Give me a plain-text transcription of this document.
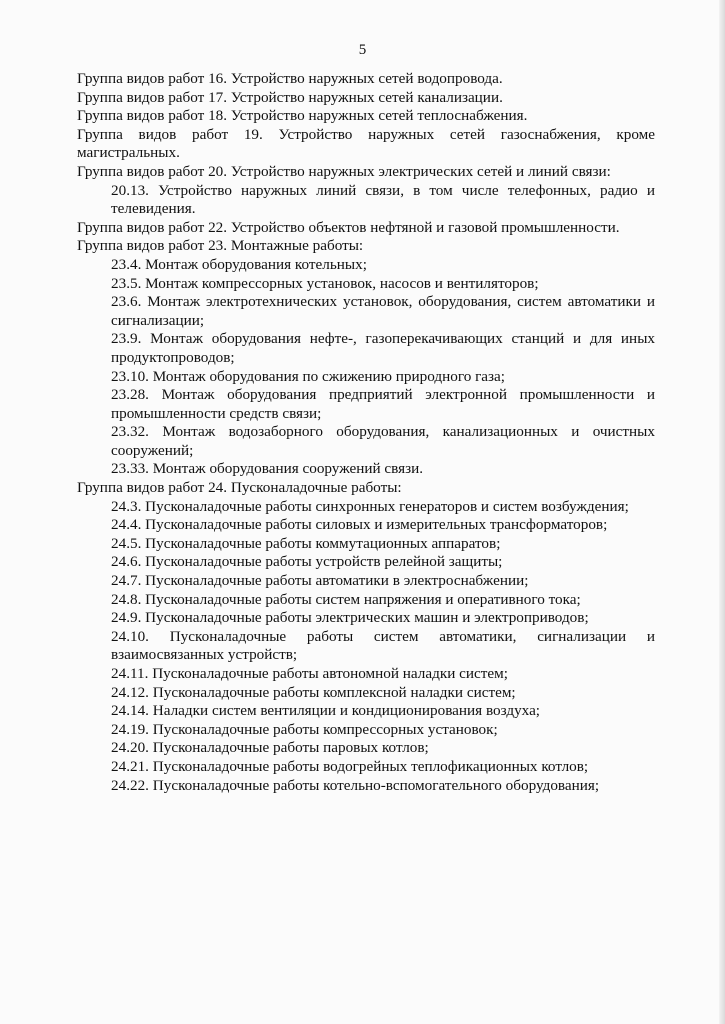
5

Группа видов работ 16. Устройство наружных сетей водопровода.

Группа видов работ 17. Устройство наружных сетей канализации.

Группа видов работ 18. Устройство наружных сетей теплоснабжения.

Группа видов работ 19. Устройство наружных сетей газоснабжения, кроме магистральных.

Группа видов работ 20. Устройство наружных электрических сетей и линий связи:

20.13. Устройство наружных линий связи, в том числе телефонных, радио и телевидения.

Группа видов работ 22. Устройство объектов нефтяной и газовой промышленности.

Группа видов работ 23. Монтажные работы:

23.4. Монтаж оборудования котельных;

23.5. Монтаж компрессорных установок, насосов и вентиляторов;

23.6. Монтаж электротехнических установок, оборудования, систем автоматики и сигнализации;

23.9. Монтаж оборудования нефте-, газоперекачивающих станций и для иных продуктопроводов;

23.10. Монтаж оборудования по сжижению природного газа;

23.28. Монтаж оборудования предприятий электронной промышленности и промышленности средств связи;

23.32. Монтаж водозаборного оборудования, канализационных и очистных сооружений;

23.33. Монтаж оборудования сооружений связи.

Группа видов работ 24. Пусконаладочные работы:

24.3. Пусконаладочные работы синхронных генераторов и систем возбуждения;

24.4. Пусконаладочные работы силовых и измерительных трансформаторов;

24.5. Пусконаладочные работы коммутационных аппаратов;

24.6. Пусконаладочные работы устройств релейной защиты;

24.7. Пусконаладочные работы автоматики в электроснабжении;

24.8. Пусконаладочные работы систем напряжения и оперативного тока;

24.9. Пусконаладочные работы электрических машин и электроприводов;

24.10. Пусконаладочные работы систем автоматики, сигнализации и взаимосвязанных устройств;

24.11. Пусконаладочные работы автономной наладки систем;

24.12. Пусконаладочные работы комплексной наладки систем;

24.14. Наладки систем вентиляции и кондиционирования воздуха;

24.19. Пусконаладочные работы компрессорных установок;

24.20. Пусконаладочные работы паровых котлов;

24.21. Пусконаладочные работы водогрейных теплофикационных котлов;

24.22. Пусконаладочные работы котельно-вспомогательного оборудования;
